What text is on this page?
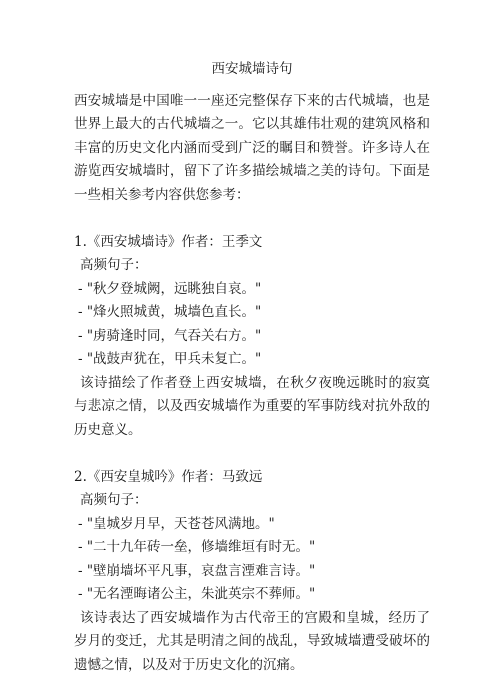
西安城墙诗句

西安城墙是中国唯一一座还完整保存下来的古代城墙，也是世界上最大的古代城墙之一。它以其雄伟壮观的建筑风格和丰富的历史文化内涵而受到广泛的瞩目和赞誉。许多诗人在游览西安城墙时，留下了许多描绘城墙之美的诗句。下面是一些相关参考内容供您参考：

1.《西安城墙诗》作者：王季文

高频句子：

- "秋夕登城阙，远眺独自哀。"
- "烽火照城黄，城墙色直长。"
- "虏骑逢时同，气吞关右方。"
- "战鼓声犹在，甲兵未复亡。"

该诗描绘了作者登上西安城墙，在秋夕夜晚远眺时的寂寞与悲凉之情，以及西安城墙作为重要的军事防线对抗外敌的历史意义。

2.《西安皇城吟》作者：马致远

高频句子：

- "皇城岁月早，天苍苍风满地。"
- "二十九年砖一垒，修墙维垣有时无。"
- "壁崩墙坏平凡事，哀盘言湮难言诗。"
- "无名湮晦诸公主，朱泚英宗不葬师。"

该诗表达了西安城墙作为古代帝王的宫殿和皇城，经历了岁月的变迁，尤其是明清之间的战乱，导致城墙遭受破坏的遗憾之情，以及对于历史文化的沉痛。
